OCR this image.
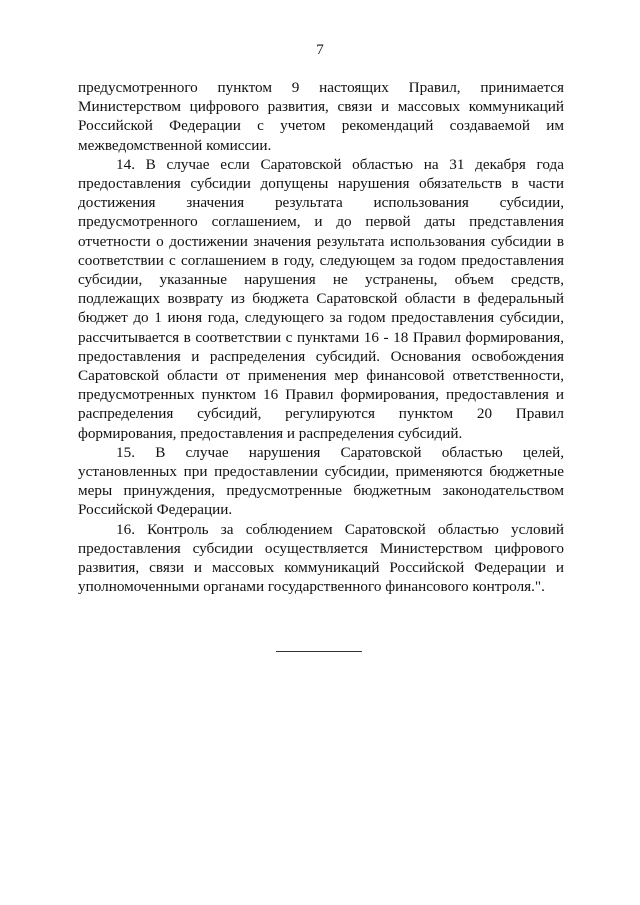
7

предусмотренного пунктом 9 настоящих Правил, принимается Министерством цифрового развития, связи и массовых коммуникаций Российской Федерации с учетом рекомендаций создаваемой им межведомственной комиссии.

14. В случае если Саратовской областью на 31 декабря года предоставления субсидии допущены нарушения обязательств в части достижения значения результата использования субсидии, предусмотренного соглашением, и до первой даты представления отчетности о достижении значения результата использования субсидии в соответствии с соглашением в году, следующем за годом предоставления субсидии, указанные нарушения не устранены, объем средств, подлежащих возврату из бюджета Саратовской области в федеральный бюджет до 1 июня года, следующего за годом предоставления субсидии, рассчитывается в соответствии с пунктами 16 - 18 Правил формирования, предоставления и распределения субсидий. Основания освобождения Саратовской области от применения мер финансовой ответственности, предусмотренных пунктом 16 Правил формирования, предоставления и распределения субсидий, регулируются пунктом 20 Правил формирования, предоставления и распределения субсидий.

15. В случае нарушения Саратовской областью целей, установленных при предоставлении субсидии, применяются бюджетные меры принуждения, предусмотренные бюджетным законодательством Российской Федерации.

16. Контроль за соблюдением Саратовской областью условий предоставления субсидии осуществляется Министерством цифрового развития, связи и массовых коммуникаций Российской Федерации и уполномоченными органами государственного финансового контроля.".
